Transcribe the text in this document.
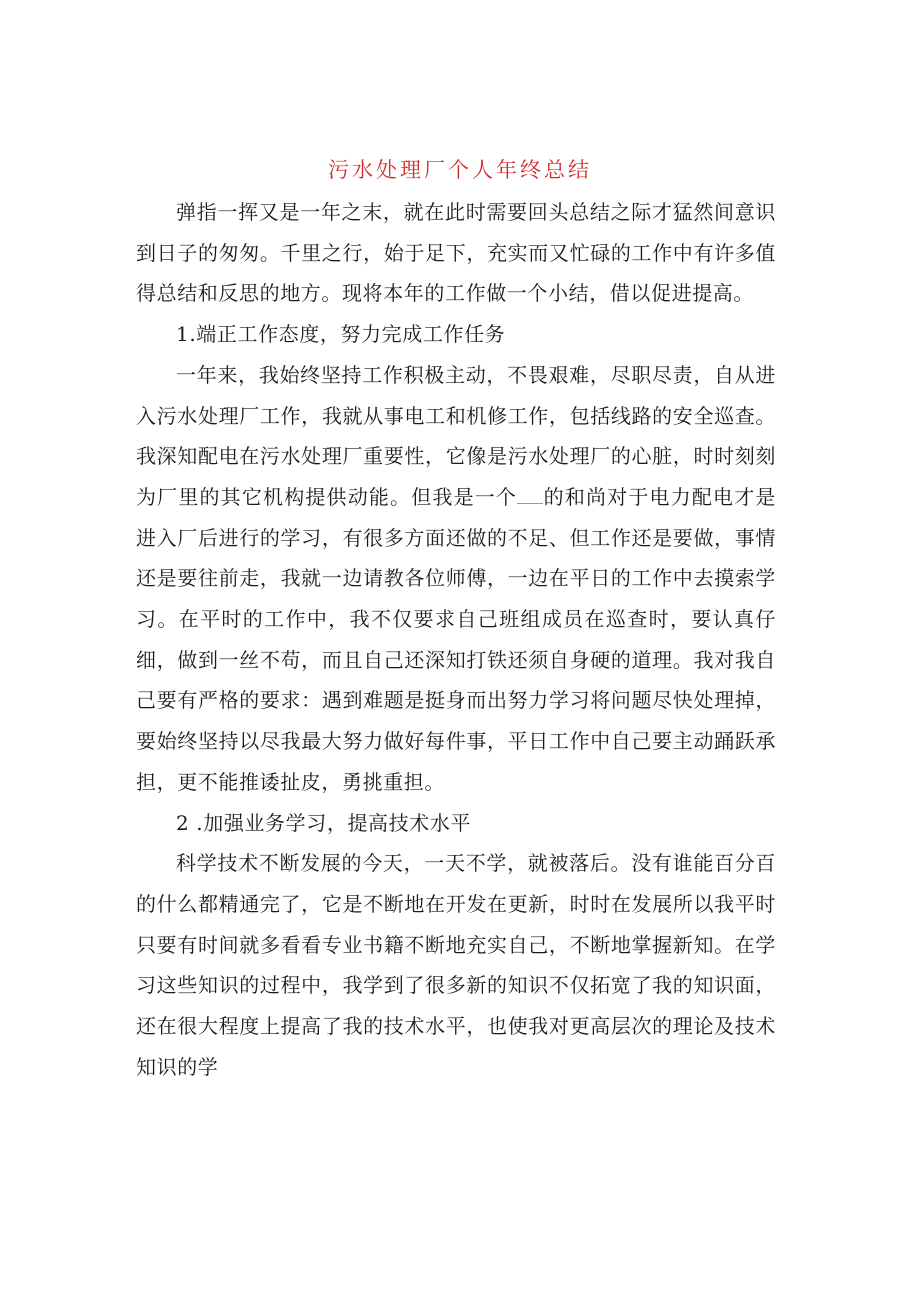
污水处理厂个人年终总结

弹指一挥又是一年之末，就在此时需要回头总结之际才猛然间意识到日子的匆匆。千里之行，始于足下，充实而又忙碌的工作中有许多值得总结和反思的地方。现将本年的工作做一个小结，借以促进提高。

1.端正工作态度，努力完成工作任务

一年来，我始终坚持工作积极主动，不畏艰难，尽职尽责，自从进入污水处理厂工作，我就从事电工和机修工作，包括线路的安全巡查。我深知配电在污水处理厂重要性，它像是污水处理厂的心脏，时时刻刻为厂里的其它机构提供动能。但我是一个 的和尚对于电力配电才是进入厂后进行的学习，有很多方面还做的不足、但工作还是要做，事情还是要往前走，我就一边请教各位师傅，一边在平日的工作中去摸索学习。在平时的工作中，我不仅要求自己班组成员在巡查时，要认真仔细，做到一丝不苟，而且自己还深知打铁还须自身硬的道理。我对我自己要有严格的要求：遇到难题是挺身而出努力学习将问题尽快处理掉，要始终坚持以尽我最大努力做好每件事，平日工作中自己要主动踊跃承担，更不能推诿扯皮，勇挑重担。

2 .加强业务学习，提高技术水平

科学技术不断发展的今天，一天不学，就被落后。没有谁能百分百的什么都精通完了，它是不断地在开发在更新，时时在发展所以我平时只要有时间就多看看专业书籍不断地充实自己，不断地掌握新知。在学习这些知识的过程中，我学到了很多新的知识不仅拓宽了我的知识面，还在很大程度上提高了我的技术水平，也使我对更高层次的理论及技术知识的学
